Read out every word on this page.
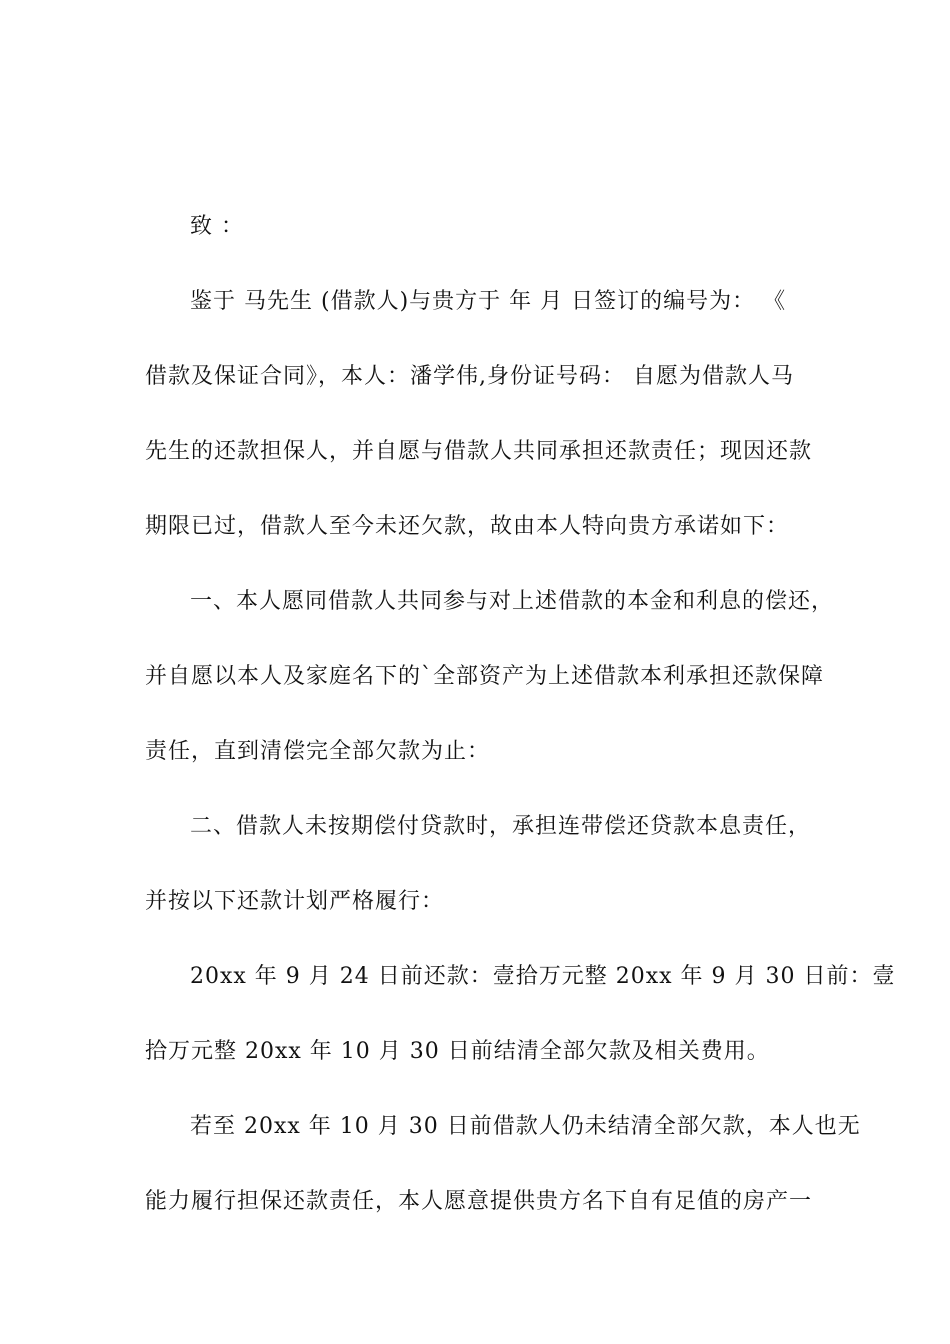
致 ：
鉴于 马先生 (借款人)与贵方于 年 月 日签订的编号为： 《
借款及保证合同》，本人：潘学伟,身份证号码： 自愿为借款人马
先生的还款担保人，并自愿与借款人共同承担还款责任；现因还款
期限已过，借款人至今未还欠款，故由本人特向贵方承诺如下：
一、本人愿同借款人共同参与对上述借款的本金和利息的偿还，
并自愿以本人及家庭名下的`全部资产为上述借款本利承担还款保障
责任，直到清偿完全部欠款为止：
二、借款人未按期偿付贷款时，承担连带偿还贷款本息责任，
并按以下还款计划严格履行：
20xx 年 9 月 24 日前还款：壹拾万元整 20xx 年 9 月 30 日前：壹
拾万元整 20xx 年 10 月 30 日前结清全部欠款及相关费用。
若至 20xx 年 10 月 30 日前借款人仍未结清全部欠款，本人也无
能力履行担保还款责任，本人愿意提供贵方名下自有足值的房产一
